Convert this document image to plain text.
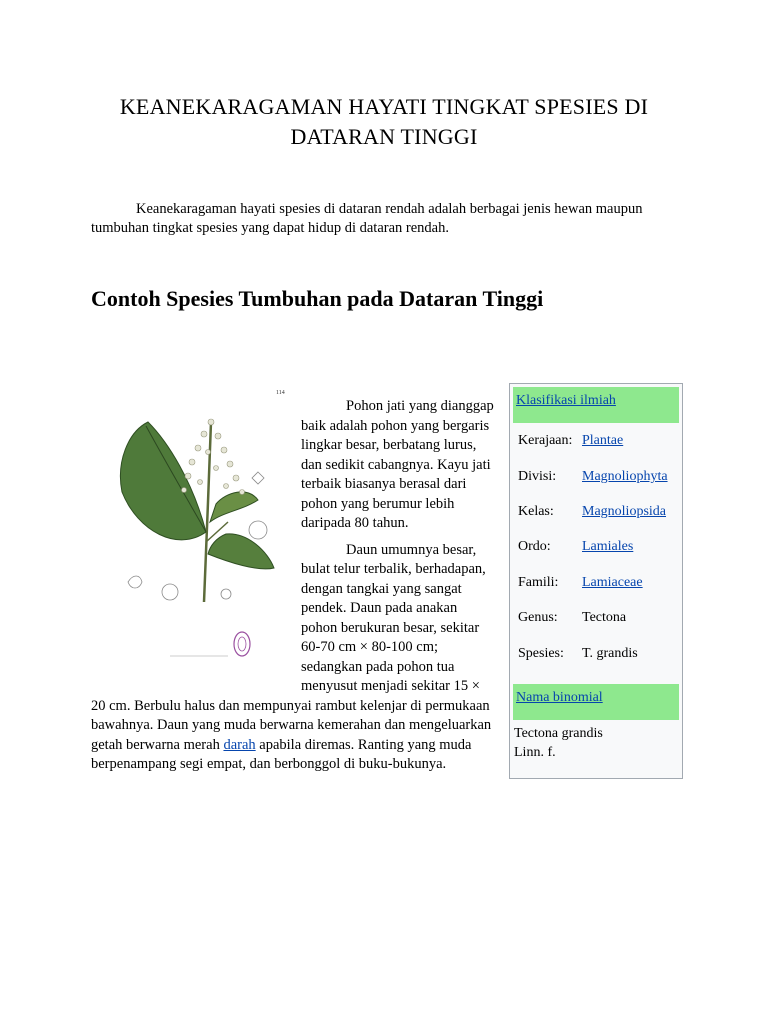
KEANEKARAGAMAN HAYATI TINGKAT SPESIES DI
DATARAN TINGGI

Keanekaragaman hayati spesies di dataran rendah adalah berbagai jenis hewan maupun tumbuhan tingkat spesies yang dapat hidup di dataran rendah.

Contoh Spesies Tumbuhan pada Dataran Tinggi
114

Pohon jati yang dianggap baik adalah pohon yang bergaris lingkar besar, berbatang lurus, dan sedikit cabangnya. Kayu jati terbaik biasanya berasal dari pohon yang berumur lebih daripada 80 tahun.

Daun umumnya besar, bulat telur terbalik, berhadapan, dengan tangkai yang sangat pendek. Daun pada anakan pohon berukuran besar, sekitar 60-70 cm × 80-100 cm; sedangkan pada pohon tua menyusut menjadi sekitar 15 × 20 cm. Berbulu halus dan mempunyai rambut kelenjar di permukaan bawahnya. Daun yang muda berwarna kemerahan dan mengeluarkan getah berwarna merah darah apabila diremas. Ranting yang muda berpenampang segi empat, dan berbonggol di buku-bukunya.

Klasifikasi ilmiah
Kerajaan: Plantae
Divisi: Magnoliophyta
Kelas: Magnoliopsida
Ordo: Lamiales
Famili: Lamiaceae
Genus: Tectona
Spesies: T. grandis
Nama binomial
Tectona grandis
Linn. f.
